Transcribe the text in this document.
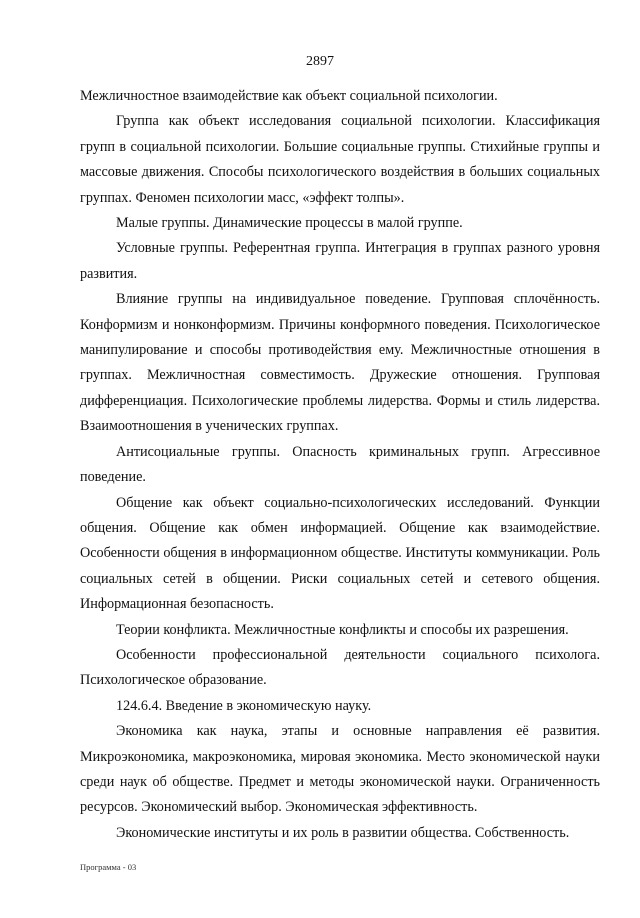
2897

Межличностное взаимодействие как объект социальной психологии.

Группа как объект исследования социальной психологии. Классификация групп в социальной психологии. Большие социальные группы. Стихийные группы и массовые движения. Способы психологического воздействия в больших социальных группах. Феномен психологии масс, «эффект толпы».

Малые группы. Динамические процессы в малой группе.

Условные группы. Референтная группа. Интеграция в группах разного уровня развития.

Влияние группы на индивидуальное поведение. Групповая сплочённость. Конформизм и нонконформизм. Причины конформного поведения. Психологическое манипулирование и способы противодействия ему. Межличностные отношения в группах. Межличностная совместимость. Дружеские отношения. Групповая дифференциация. Психологические проблемы лидерства. Формы и стиль лидерства. Взаимоотношения в ученических группах.

Антисоциальные группы. Опасность криминальных групп. Агрессивное поведение.

Общение как объект социально-психологических исследований. Функции общения. Общение как обмен информацией. Общение как взаимодействие. Особенности общения в информационном обществе. Институты коммуникации. Роль социальных сетей в общении. Риски социальных сетей и сетевого общения. Информационная безопасность.

Теории конфликта. Межличностные конфликты и способы их разрешения.

Особенности профессиональной деятельности социального психолога. Психологическое образование.

124.6.4. Введение в экономическую науку.

Экономика как наука, этапы и основные направления её развития. Микроэкономика, макроэкономика, мировая экономика. Место экономической науки среди наук об обществе. Предмет и методы экономической науки. Ограниченность ресурсов. Экономический выбор. Экономическая эффективность.

Экономические институты и их роль в развитии общества. Собственность.

Программа - 03
